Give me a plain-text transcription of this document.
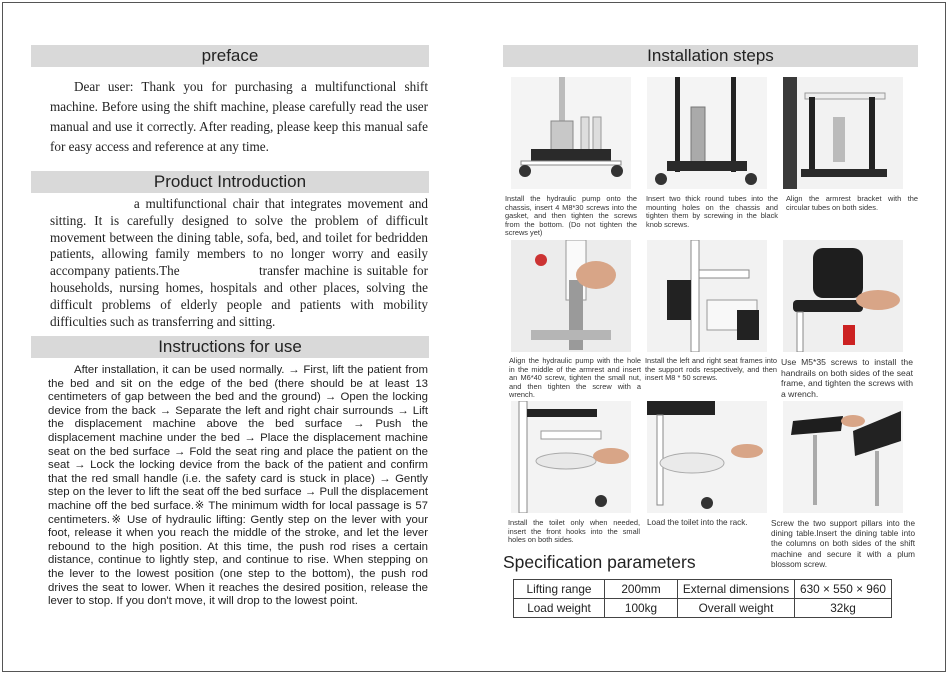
preface
Dear user: Thank you for purchasing a multifunctional shift machine. Before using the shift machine, please carefully read the user manual and use it correctly. After reading, please keep this manual safe for easy access and reference at any time.
Product Introduction
a multifunctional chair that integrates movement and sitting. It is carefully designed to solve the problem of difficult movement between the dining table, sofa, bed, and toilet for bedridden patients, allowing family members to no longer worry and easily accompany patients.The	transfer machine is suitable for households, nursing homes, hospitals and other places, solving the difficult problems of elderly people and patients with mobility difficulties such as transferring and sitting.
Instructions for use
After installation, it can be used normally. → First, lift the patient from the bed and sit on the edge of the bed (there should be at least 13 centimeters of gap between the bed and the ground) → Open the locking device from the back → Separate the left and right chair surrounds → Lift the displacement machine above the bed surface → Push the displacement machine under the bed → Place the displacement machine seat on the bed surface → Fold the seat ring and place the patient on the seat → Lock the locking device from the back of the patient and confirm that the red small handle (i.e. the safety card is stuck in place) → Gently step on the lever to lift the seat off the bed surface → Pull the displacement machine off the bed surface.※ The minimum width for local passage is 57 centimeters.※ Use of hydraulic lifting: Gently step on the lever with your foot, release it when you reach the middle of the stroke, and let the lever rebound to the high position. At this time, the push rod rises a certain distance, continue to lightly step, and continue to rise. When stepping on the lever to the lowest position (one step to the bottom), the push rod drives the seat to lower. When it reaches the desired position, release the lever to stop. If you don't move, it will drop to the lowest point.
Installation steps
Install the hydraulic pump onto the chassis, insert 4 M8*30 screws into the gasket, and then tighten the screws from the bottom. (Do not tighten the screws yet)
Insert two thick round tubes into the mounting holes on the chassis and tighten them by screwing in the black knob screws.
Align the armrest bracket with the circular tubes on both sides.
Align the hydraulic pump with the hole in the middle of the armrest and insert an M6*40 screw, tighten the small nut, and then tighten the screw with a wrench.
Install the left and right seat frames into the support rods respectively, and then insert M8 * 50 screws.
Use M5*35 screws to install the handrails on both sides of the seat frame, and tighten the screws with a wrench.
Install the toilet only when needed, insert the front hooks into the small holes on both sides.
Load the toilet into the rack.	Screw the two support pillars into the dining table.Insert the dining table into the columns on both sides of the shift machine and secure it with a plum blossom screw.
Specification parameters
Lifting range	200mm	External dimensions	630 × 550 × 960
Load weight	100kg	Overall weight	32kg
